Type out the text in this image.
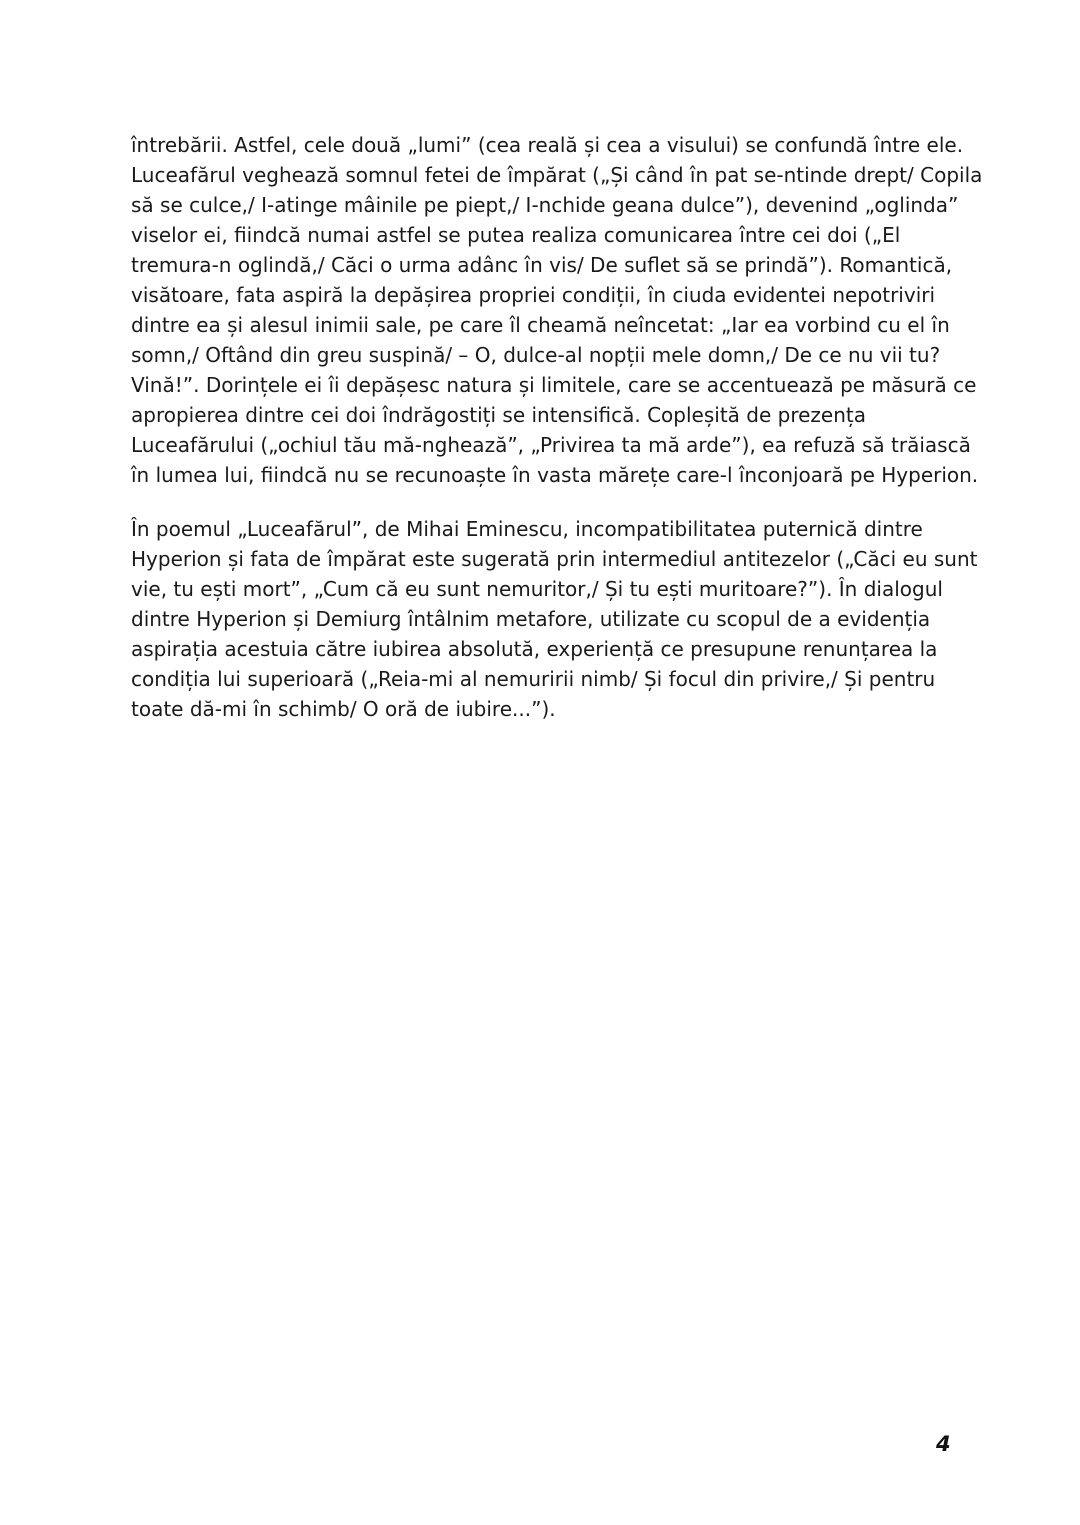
întrebării. Astfel, cele două „lumi” (cea reală și cea a visului) se confundă între ele.
Luceafărul veghează somnul fetei de împărat („Și când în pat se-ntinde drept/ Copila
să se culce,/ I-atinge mâinile pe piept,/ I-nchide geana dulce”), devenind „oglinda”
viselor ei, fiindcă numai astfel se putea realiza comunicarea între cei doi („El
tremura-n oglindă,/ Căci o urma adânc în vis/ De suflet să se prindă”). Romantică,
visătoare, fata aspiră la depășirea propriei condiții, în ciuda evidentei nepotriviri
dintre ea și alesul inimii sale, pe care îl cheamă neîncetat: „Iar ea vorbind cu el în
somn,/ Oftând din greu suspină/ – O, dulce-al nopții mele domn,/ De ce nu vii tu?
Vină!”. Dorințele ei îi depășesc natura și limitele, care se accentuează pe măsură ce
apropierea dintre cei doi îndrăgostiți se intensifică. Copleșită de prezența
Luceafărului („ochiul tău mă-nghează”, „Privirea ta mă arde”), ea refuză să trăiască
în lumea lui, fiindcă nu se recunoaște în vasta mărețe care-l înconjoară pe Hyperion.
În poemul „Luceafărul”, de Mihai Eminescu, incompatibilitatea puternică dintre
Hyperion și fata de împărat este sugerată prin intermediul antitezelor („Căci eu sunt
vie, tu ești mort”, „Cum că eu sunt nemuritor,/ Și tu ești muritoare?”). În dialogul
dintre Hyperion și Demiurg întâlnim metafore, utilizate cu scopul de a evidenția
aspirația acestuia către iubirea absolută, experiență ce presupune renunțarea la
condiția lui superioară („Reia-mi al nemuririi nimb/ Și focul din privire,/ Și pentru
toate dă-mi în schimb/ O oră de iubire...”).
4
